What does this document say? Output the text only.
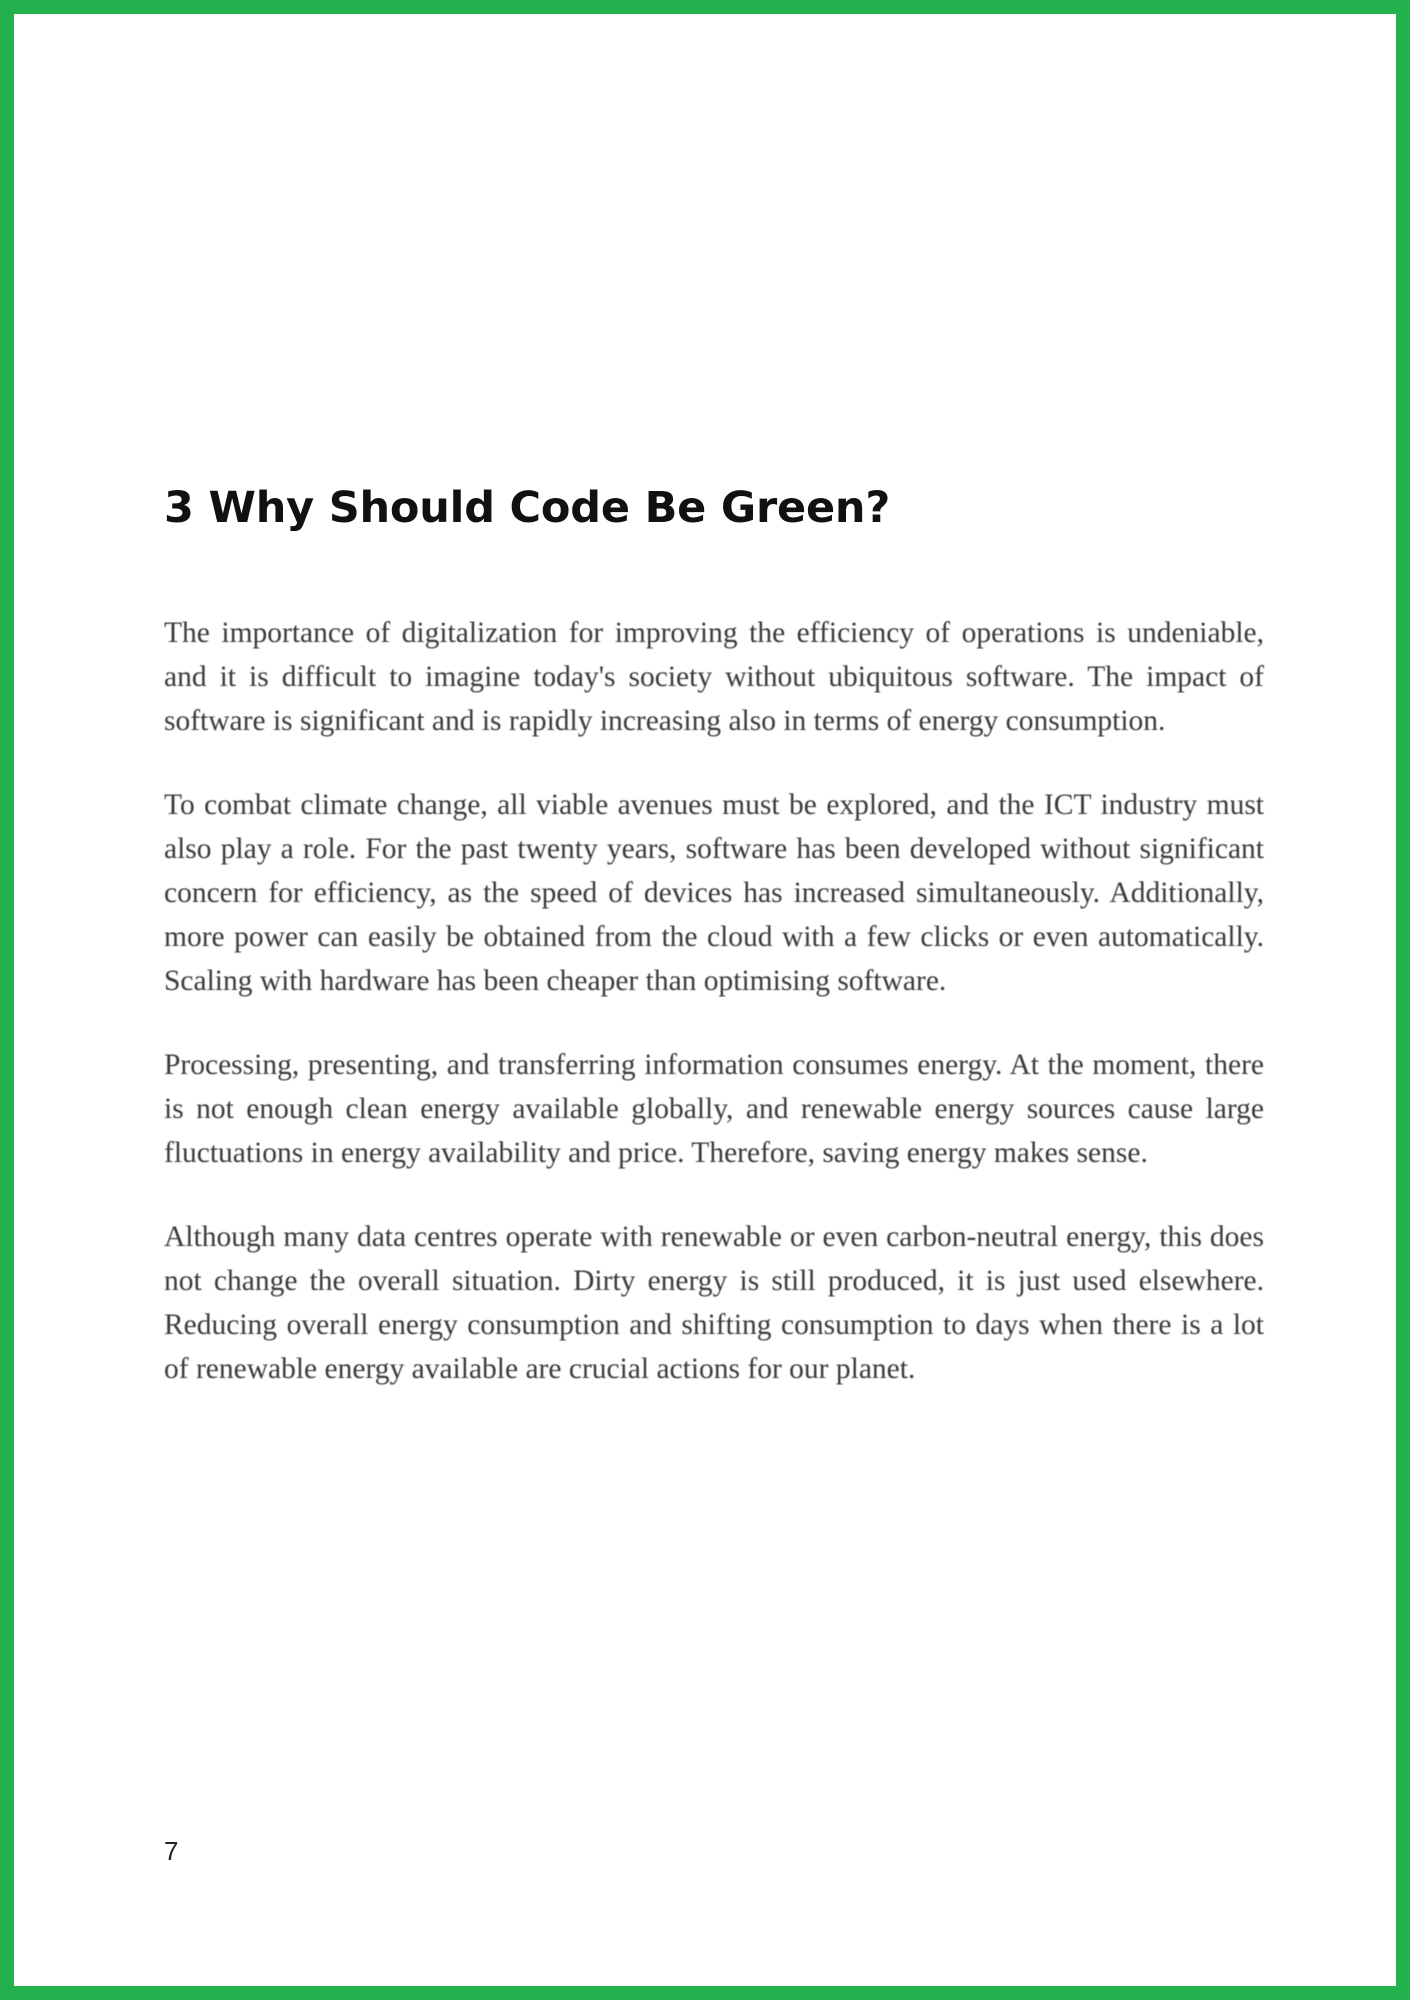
3 Why Should Code Be Green?

The importance of digitalization for improving the efficiency of operations is undeniable, and it is difficult to imagine today's society without ubiquitous software. The impact of software is significant and is rapidly increasing also in terms of energy consumption.

To combat climate change, all viable avenues must be explored, and the ICT industry must also play a role. For the past twenty years, software has been developed without significant concern for efficiency, as the speed of devices has increased simultaneously. Additionally, more power can easily be obtained from the cloud with a few clicks or even automatically. Scaling with hardware has been cheaper than optimising software.

Processing, presenting, and transferring information consumes energy. At the moment, there is not enough clean energy available globally, and renewable energy sources cause large fluctuations in energy availability and price. Therefore, saving energy makes sense.

Although many data centres operate with renewable or even carbon-neutral energy, this does not change the overall situation. Dirty energy is still produced, it is just used elsewhere. Reducing overall energy consumption and shifting consumption to days when there is a lot of renewable energy available are crucial actions for our planet.

7
